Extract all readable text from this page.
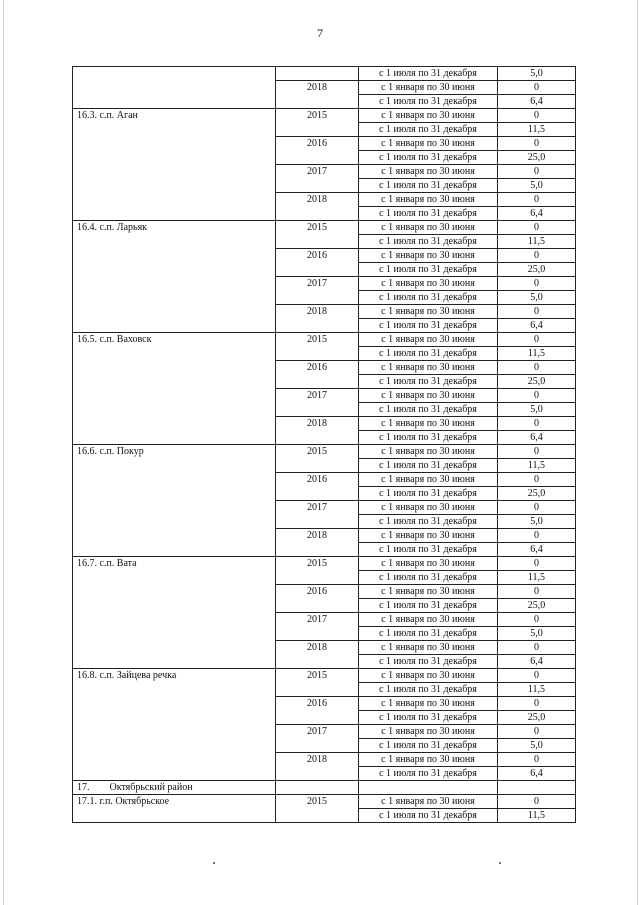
7
		с 1 июля по 31 декабря	5,0
	2018	с 1 января по 30 июня	0
		с 1 июля по 31 декабря	6,4
16.3. с.п. Аган	2015	с 1 января по 30 июня	0
		с 1 июля по 31 декабря	11,5
	2016	с 1 января по 30 июня	0
		с 1 июля по 31 декабря	25,0
	2017	с 1 января по 30 июня	0
		с 1 июля по 31 декабря	5,0
	2018	с 1 января по 30 июня	0
		с 1 июля по 31 декабря	6,4
16.4. с.п. Ларьяк	2015	с 1 января по 30 июня	0
		с 1 июля по 31 декабря	11,5
	2016	с 1 января по 30 июня	0
		с 1 июля по 31 декабря	25,0
	2017	с 1 января по 30 июня	0
		с 1 июля по 31 декабря	5,0
	2018	с 1 января по 30 июня	0
		с 1 июля по 31 декабря	6,4
16.5. с.п. Ваховск	2015	с 1 января по 30 июня	0
		с 1 июля по 31 декабря	11,5
	2016	с 1 января по 30 июня	0
		с 1 июля по 31 декабря	25,0
	2017	с 1 января по 30 июня	0
		с 1 июля по 31 декабря	5,0
	2018	с 1 января по 30 июня	0
		с 1 июля по 31 декабря	6,4
16.6. с.п. Покур	2015	с 1 января по 30 июня	0
		с 1 июля по 31 декабря	11,5
	2016	с 1 января по 30 июня	0
		с 1 июля по 31 декабря	25,0
	2017	с 1 января по 30 июня	0
		с 1 июля по 31 декабря	5,0
	2018	с 1 января по 30 июня	0
		с 1 июля по 31 декабря	6,4
16.7. с.п. Вата	2015	с 1 января по 30 июня	0
		с 1 июля по 31 декабря	11,5
	2016	с 1 января по 30 июня	0
		с 1 июля по 31 декабря	25,0
	2017	с 1 января по 30 июня	0
		с 1 июля по 31 декабря	5,0
	2018	с 1 января по 30 июня	0
		с 1 июля по 31 декабря	6,4
16.8. с.п. Зайцева речка	2015	с 1 января по 30 июня	0
		с 1 июля по 31 декабря	11,5
	2016	с 1 января по 30 июня	0
		с 1 июля по 31 декабря	25,0
	2017	с 1 января по 30 июня	0
		с 1 июля по 31 декабря	5,0
	2018	с 1 января по 30 июня	0
		с 1 июля по 31 декабря	6,4
17. Октябрьский район			
17.1. г.п. Октябрьское	2015	с 1 января по 30 июня	0
		с 1 июля по 31 декабря	11,5
